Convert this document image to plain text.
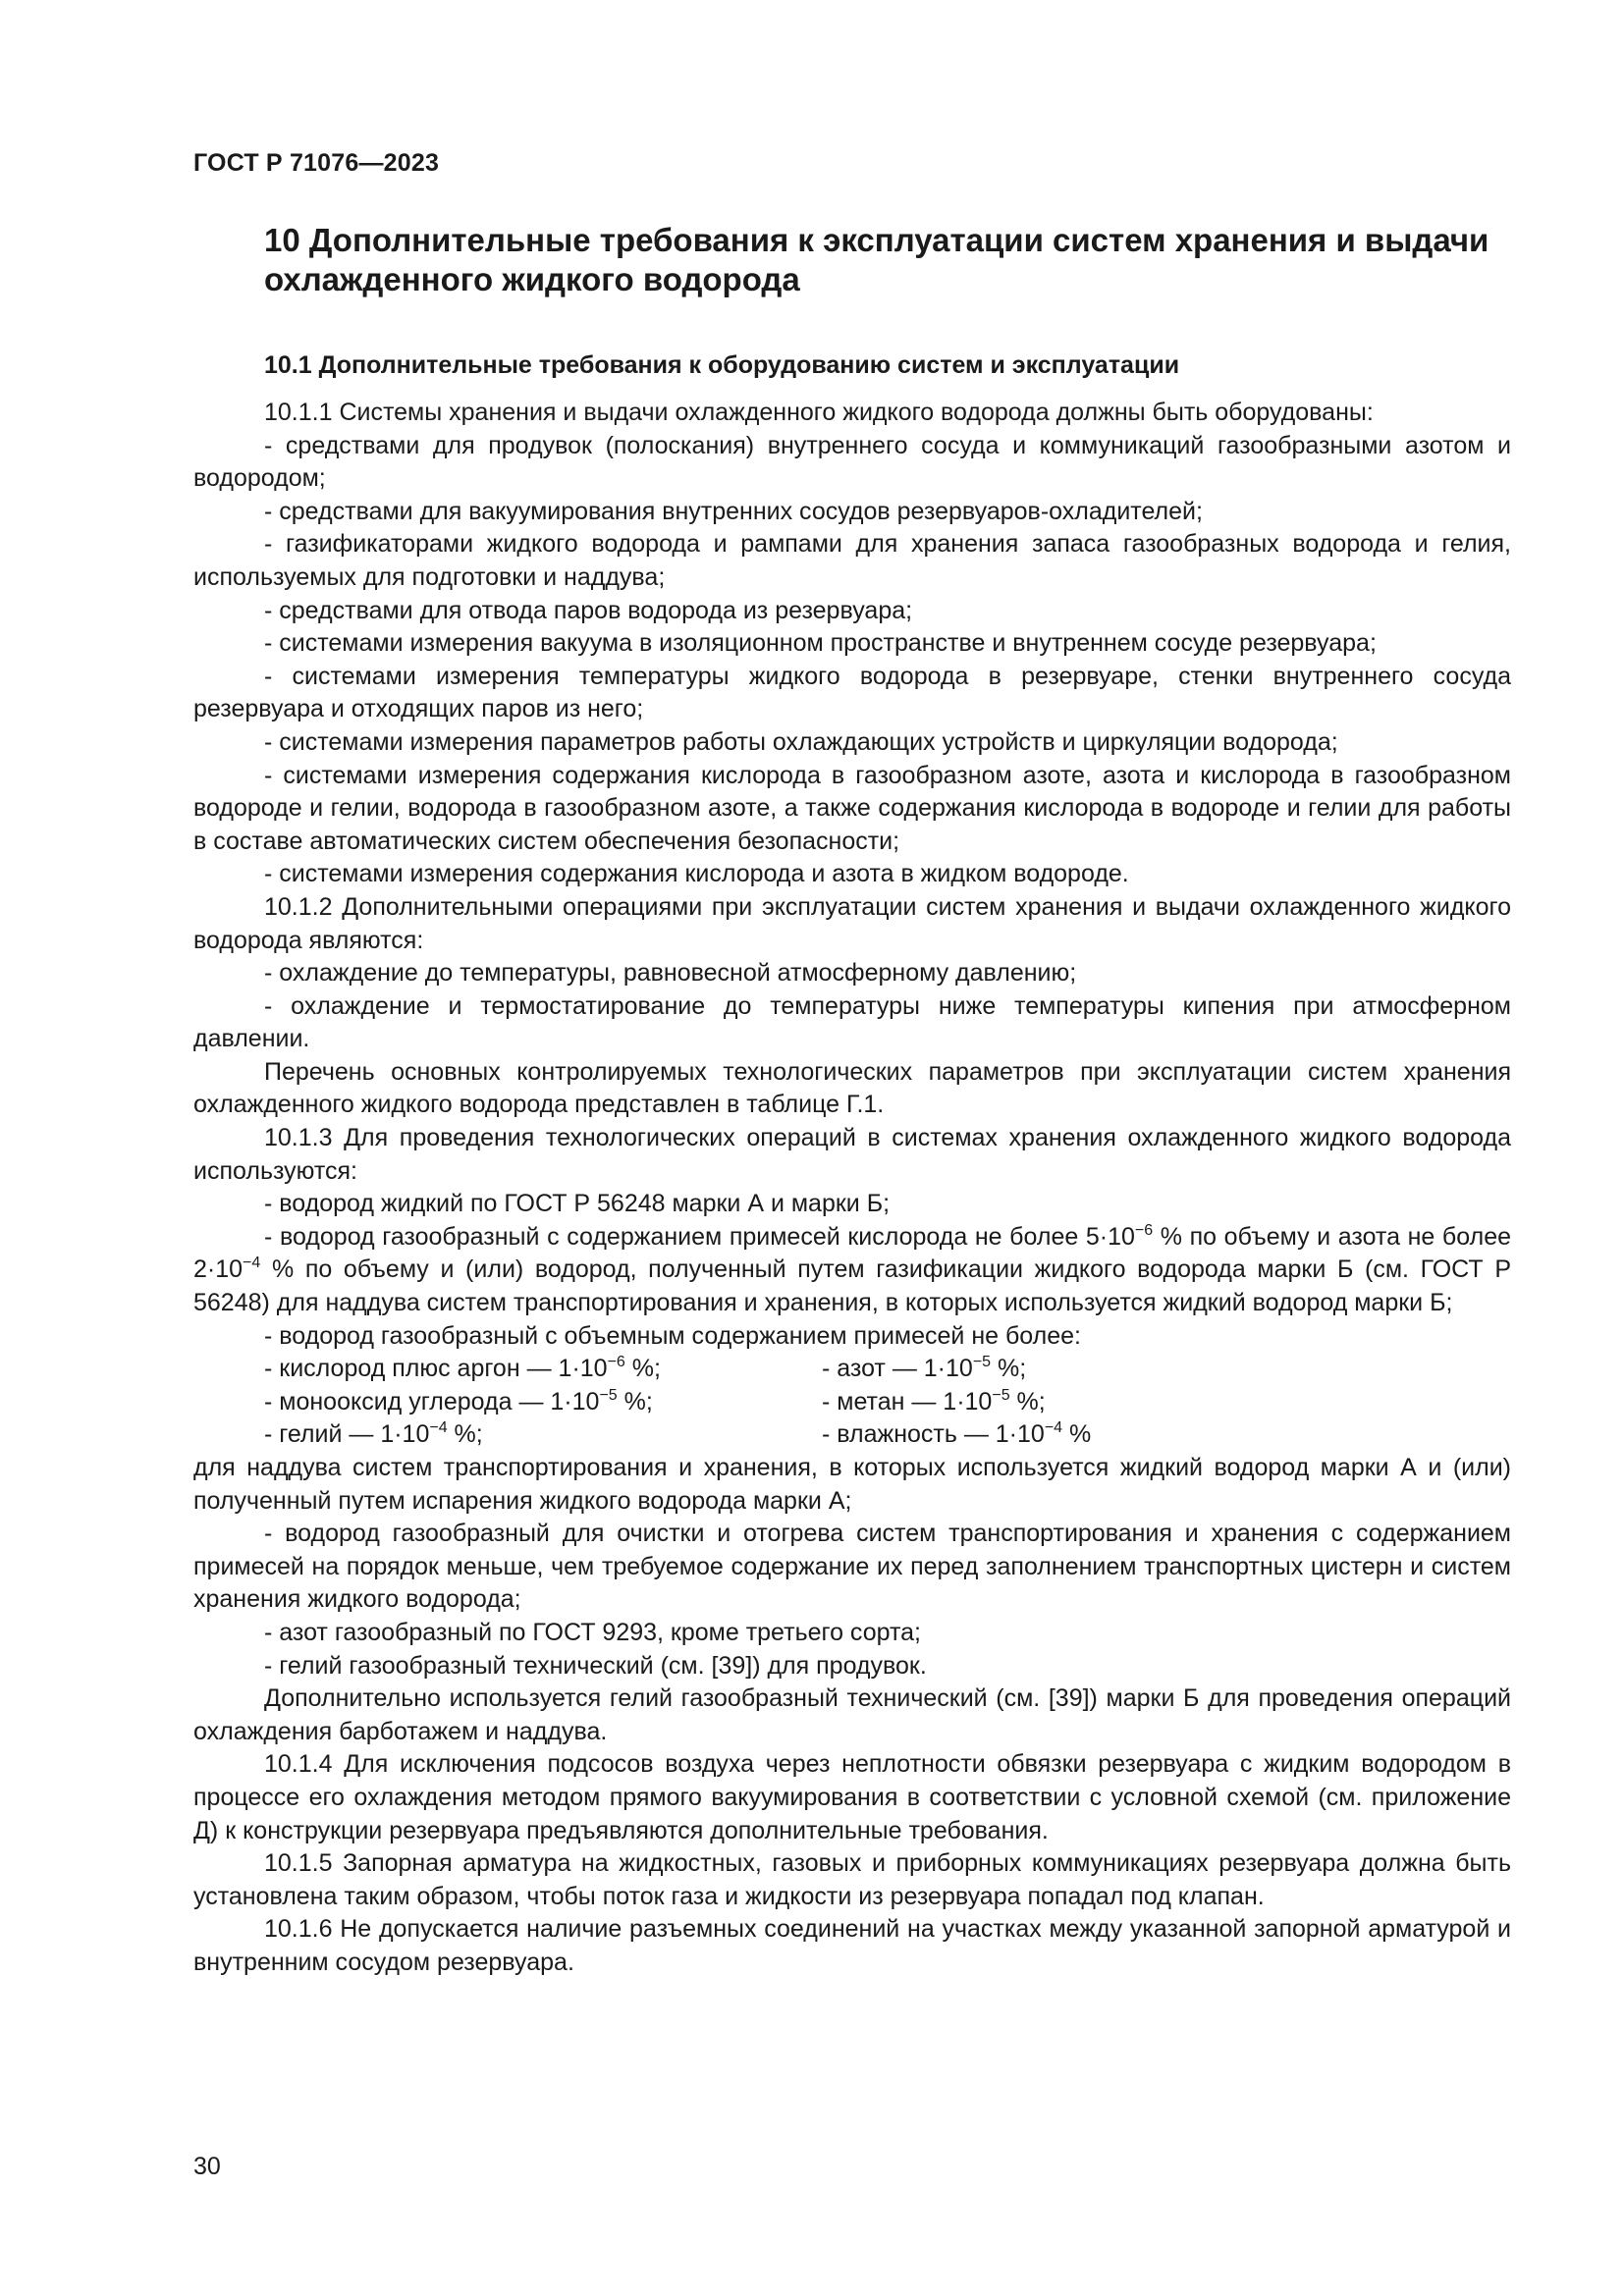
ГОСТ Р 71076—2023
10 Дополнительные требования к эксплуатации систем хранения и выдачи
охлажденного жидкого водорода
10.1 Дополнительные требования к оборудованию систем и эксплуатации

10.1.1 Системы хранения и выдачи охлажденного жидкого водорода должны быть оборудованы:

- средствами для продувок (полоскания) внутреннего сосуда и коммуникаций газообразными азотом и водородом;

- средствами для вакуумирования внутренних сосудов резервуаров-охладителей;

- газификаторами жидкого водорода и рампами для хранения запаса газообразных водорода и гелия, используемых для подготовки и наддува;

- средствами для отвода паров водорода из резервуара;

- системами измерения вакуума в изоляционном пространстве и внутреннем сосуде резервуара;

- системами измерения температуры жидкого водорода в резервуаре, стенки внутреннего сосуда резервуара и отходящих паров из него;

- системами измерения параметров работы охлаждающих устройств и циркуляции водорода;

- системами измерения содержания кислорода в газообразном азоте, азота и кислорода в газообразном водороде и гелии, водорода в газообразном азоте, а также содержания кислорода в водороде и гелии для работы в составе автоматических систем обеспечения безопасности;

- системами измерения содержания кислорода и азота в жидком водороде.

10.1.2 Дополнительными операциями при эксплуатации систем хранения и выдачи охлажденного жидкого водорода являются:

- охлаждение до температуры, равновесной атмосферному давлению;

- охлаждение и термостатирование до температуры ниже температуры кипения при атмосферном давлении.

Перечень основных контролируемых технологических параметров при эксплуатации систем хранения охлажденного жидкого водорода представлен в таблице Г.1.

10.1.3 Для проведения технологических операций в системах хранения охлажденного жидкого водорода используются:

- водород жидкий по ГОСТ Р 56248 марки А и марки Б;

- водород газообразный с содержанием примесей кислорода не более $5\cdot 10^{-6}$ % по объему и азота не более $2\cdot 10^{-4}$ % по объему и (или) водород, полученный путем газификации жидкого водорода марки Б (см. ГОСТ Р 56248) для наддува систем транспортирования и хранения, в которых используется жидкий водород марки Б;

- водород газообразный с объемным содержанием примесей не более:

- кислород плюс аргон — $1\cdot 10^{-6}$ %;	- азот — $1\cdot 10^{-5}$ %;
- монооксид углерода — $1\cdot 10^{-5}$ %;	- метан — $1\cdot 10^{-5}$ %;
- гелий — $1\cdot 10^{-4}$ %;	- влажность — $1\cdot 10^{-4}$ %

для наддува систем транспортирования и хранения, в которых используется жидкий водород марки А и (или) полученный путем испарения жидкого водорода марки А;

- водород газообразный для очистки и отогрева систем транспортирования и хранения с содержанием примесей на порядок меньше, чем требуемое содержание их перед заполнением транспортных цистерн и систем хранения жидкого водорода;

- азот газообразный по ГОСТ 9293, кроме третьего сорта;

- гелий газообразный технический (см. [39]) для продувок.

Дополнительно используется гелий газообразный технический (см. [39]) марки Б для проведения операций охлаждения барботажем и наддува.

10.1.4 Для исключения подсосов воздуха через неплотности обвязки резервуара с жидким водородом в процессе его охлаждения методом прямого вакуумирования в соответствии с условной схемой (см. приложение Д) к конструкции резервуара предъявляются дополнительные требования.

10.1.5 Запорная арматура на жидкостных, газовых и приборных коммуникациях резервуара должна быть установлена таким образом, чтобы поток газа и жидкости из резервуара попадал под клапан.

10.1.6 Не допускается наличие разъемных соединений на участках между указанной запорной арматурой и внутренним сосудом резервуара.

30
